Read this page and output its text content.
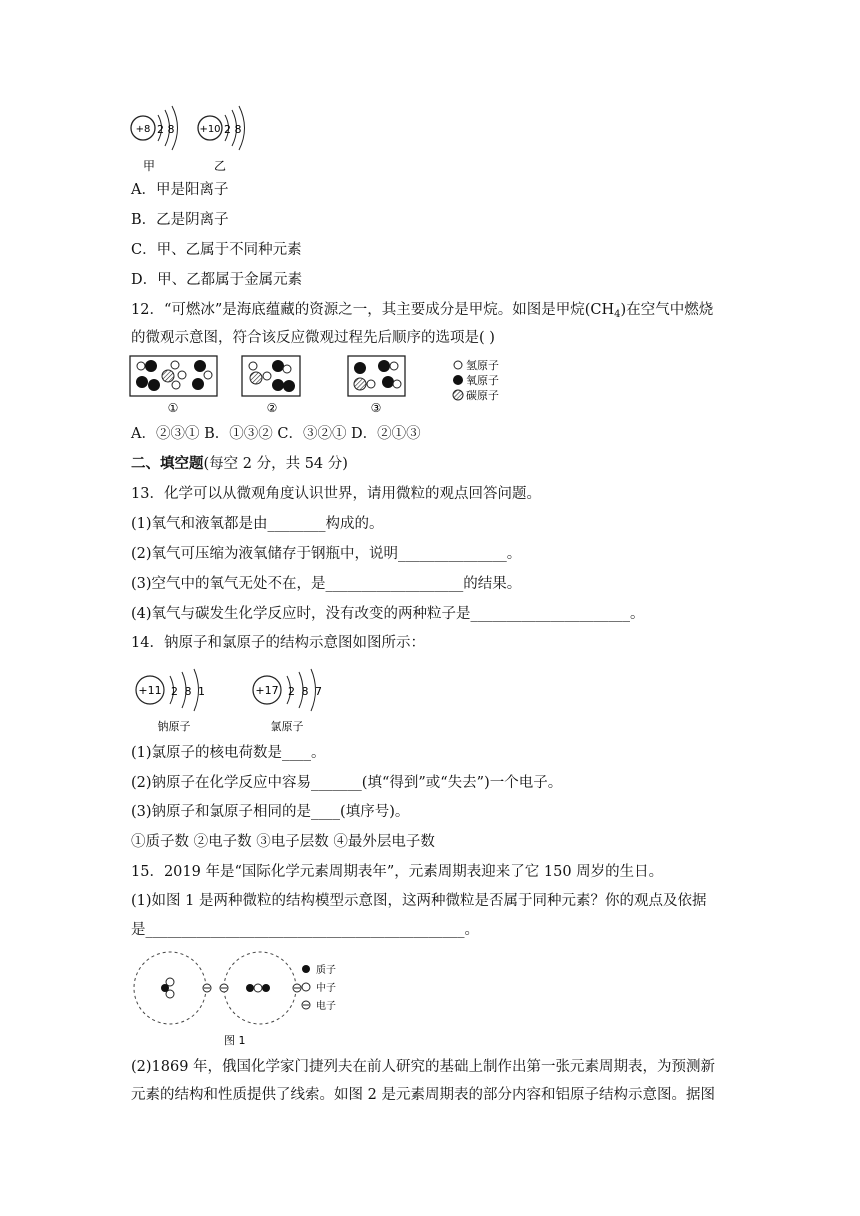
+8 2 8
甲
+10 2 8
乙
A．甲是阳离子
B．乙是阴离子
C．甲、乙属于不同种元素
D．甲、乙都属于金属元素
12．“可燃冰”是海底蕴藏的资源之一，其主要成分是甲烷。如图是甲烷$(CH_4)$在空气中燃烧
的微观示意图，符合该反应微观过程先后顺序的选项是( )
①	②	③
氢原子
氧原子
碳原子
A．②③① B．①③② C．③②① D．②①③
二、填空题(每空 2 分，共 54 分)
13．化学可以从微观角度认识世界，请用微粒的观点回答问题。
(1)氧气和液氧都是由________构成的。
(2)氧气可压缩为液氧储存于钢瓶中，说明_______________。
(3)空气中的氧气无处不在，是___________________的结果。
(4)氧气与碳发生化学反应时，没有改变的两种粒子是______________________。
14．钠原子和氯原子的结构示意图如图所示：
+11 2 8 1
钠原子
+17 2 8 7
氯原子
(1)氯原子的核电荷数是____。
(2)钠原子在化学反应中容易_______(填“得到”或“失去”)一个电子。
(3)钠原子和氯原子相同的是____(填序号)。
①质子数 ②电子数 ③电子层数 ④最外层电子数
15．2019 年是“国际化学元素周期表年”，元素周期表迎来了它 150 周岁的生日。
(1)如图 1 是两种微粒的结构模型示意图，这两种微粒是否属于同种元素？你的观点及依据
是____________________________________________。
质子
中子
电子
图 1
(2)1869 年，俄国化学家门捷列夫在前人研究的基础上制作出第一张元素周期表，为预测新
元素的结构和性质提供了线索。如图 2 是元素周期表的部分内容和铝原子结构示意图。据图
